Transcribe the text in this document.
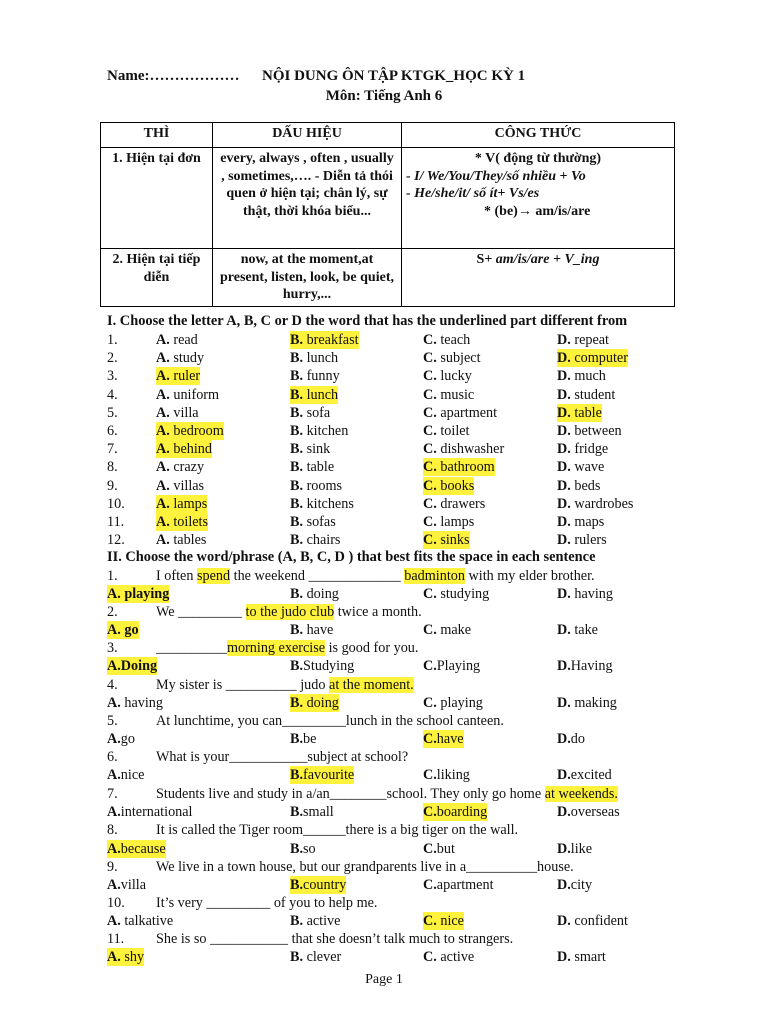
Name:……………… NỘI DUNG ÔN TẬP KTGK_HỌC KỲ 1
Môn: Tiếng Anh 6
THÌ	DẤU HIỆU	CÔNG THỨC
1. Hiện tại đơn	every, always , often , usually , sometimes,…. - Diễn tả thói quen ở hiện tại; chân lý, sự thật, thời khóa biểu...	* V( động từ thường)
- I/ We/You/They/số nhiều + Vo
- He/she/it/ số ít+ Vs/es
* (be)→ am/is/are

2. Hiện tại tiếp diễn	now, at the moment,at present, listen, look, be quiet, hurry,...	S+ am/is/are + V_ing
I. Choose the letter A, B, C or D the word that has the underlined part different from
1.	A. read	B. breakfast	C. teach	D. repeat
2.	A. study	B. lunch	C. subject	D. computer
3.	A. ruler	B. funny	C. lucky	D. much
4.	A. uniform	B. lunch	C. music	D. student
5.	A. villa	B. sofa	C. apartment	D. table
6.	A. bedroom	B. kitchen	C. toilet	D. between
7.	A. behind	B. sink	C. dishwasher	D. fridge
8.	A. crazy	B. table	C. bathroom	D. wave
9.	A. villas	B. rooms	C. books	D. beds
10. A. lamps	B. kitchens	C. drawers	D. wardrobes
11. A. toilets	B. sofas	C. lamps	D. maps
12. A. tables	B. chairs	C. sinks	D. rulers
II. Choose the word/phrase (A, B, C, D ) that best fits the space in each sentence
1.	I often spend the weekend _____________ badminton with my elder brother.
A. playing	B. doing	C. studying	D. having
2.	We _________ to the judo club twice a month.
A. go	B. have	C. make	D. take
3.	__________morning exercise is good for you.
A.Doing	B.Studying	C.Playing	D.Having
4.	My sister is __________ judo at the moment.
A. having	B. doing	C. playing	D. making
5.	At lunchtime, you can_________lunch in the school canteen.
A.go	B.be	C.have	D.do
6.	What is your___________subject at school?
A.nice	B.favourite	C.liking	D.excited
7.	Students live and study in a/an________school. They only go home at weekends.
A.international	B.small	C.boarding	D.overseas
8.	It is called the Tiger room______there is a big tiger on the wall.
A.because	B.so	C.but	D.like
9.	We live in a town house, but our grandparents live in a__________house.
A.villa	B.country	C.apartment	D.city
10. It’s very _________ of you to help me.
A. talkative	B. active	C. nice	D. confident
11. She is so ___________ that she doesn’t talk much to strangers.
A. shy	B. clever	C. active	D. smart
Page 1
